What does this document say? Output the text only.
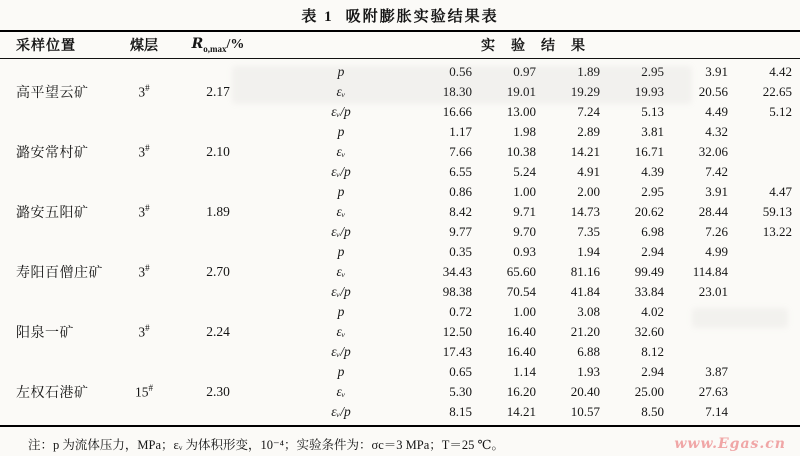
表 1 吸附膨胀实验结果表
采样位置	煤层	$R_{o,max}/\%$	实验结果
高平望云矿	3#	2.17
p	0.56	0.97	1.89	2.95	3.91	4.42
εᵥ	18.30	19.01	19.29	19.93	20.56	22.65
εᵥ/p	16.66	13.00	7.24	5.13	4.49	5.12
潞安常村矿	3#	2.10
p	1.17	1.98	2.89	3.81	4.32
εᵥ	7.66	10.38	14.21	16.71	32.06
εᵥ/p	6.55	5.24	4.91	4.39	7.42
潞安五阳矿	3#	1.89
p	0.86	1.00	2.00	2.95	3.91	4.47
εᵥ	8.42	9.71	14.73	20.62	28.44	59.13
εᵥ/p	9.77	9.70	7.35	6.98	7.26	13.22
寿阳百僧庄矿	3#	2.70
p	0.35	0.93	1.94	2.94	4.99
εᵥ	34.43	65.60	81.16	99.49	114.84
εᵥ/p	98.38	70.54	41.84	33.84	23.01
阳泉一矿	3#	2.24
p	0.72	1.00	3.08	4.02
εᵥ	12.50	16.40	21.20	32.60
εᵥ/p	17.43	16.40	6.88	8.12
左权石港矿	15#	2.30
p	0.65	1.14	1.93	2.94	3.87
εᵥ	5.30	16.20	20.40	25.00	27.63
εᵥ/p	8.15	14.21	10.57	8.50	7.14
注：p 为流体压力，MPa；εᵥ 为体积形变，10⁻⁴；实验条件为：σc＝3 MPa；T＝25 ℃。	www.Egas.cn
